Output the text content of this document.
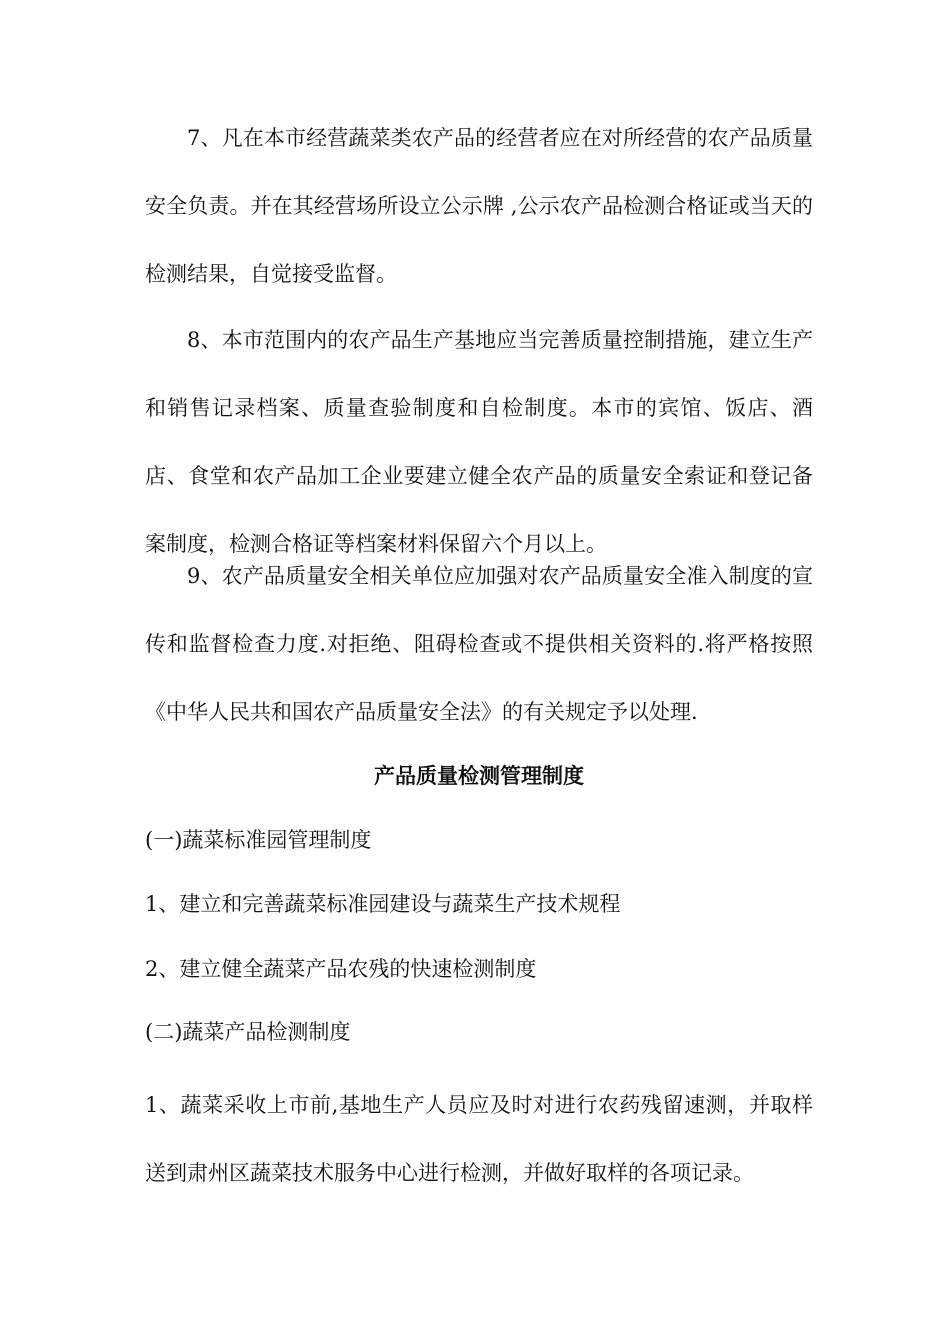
7、凡在本市经营蔬菜类农产品的经营者应在对所经营的农产品质量安全负责。并在其经营场所设立公示牌 ,公示农产品检测合格证或当天的检测结果，自觉接受监督。

8、本市范围内的农产品生产基地应当完善质量控制措施，建立生产和销售记录档案、质量查验制度和自检制度。本市的宾馆、饭店、酒店、食堂和农产品加工企业要建立健全农产品的质量安全索证和登记备案制度，检测合格证等档案材料保留六个月以上。

9、农产品质量安全相关单位应加强对农产品质量安全准入制度的宣传和监督检查力度.对拒绝、阻碍检查或不提供相关资料的.将严格按照《中华人民共和国农产品质量安全法》的有关规定予以处理.

产品质量检测管理制度

(一)蔬菜标准园管理制度

1、建立和完善蔬菜标准园建设与蔬菜生产技术规程

2、建立健全蔬菜产品农残的快速检测制度

(二)蔬菜产品检测制度

1、蔬菜采收上市前,基地生产人员应及时对进行农药残留速测，并取样送到肃州区蔬菜技术服务中心进行检测，并做好取样的各项记录。
